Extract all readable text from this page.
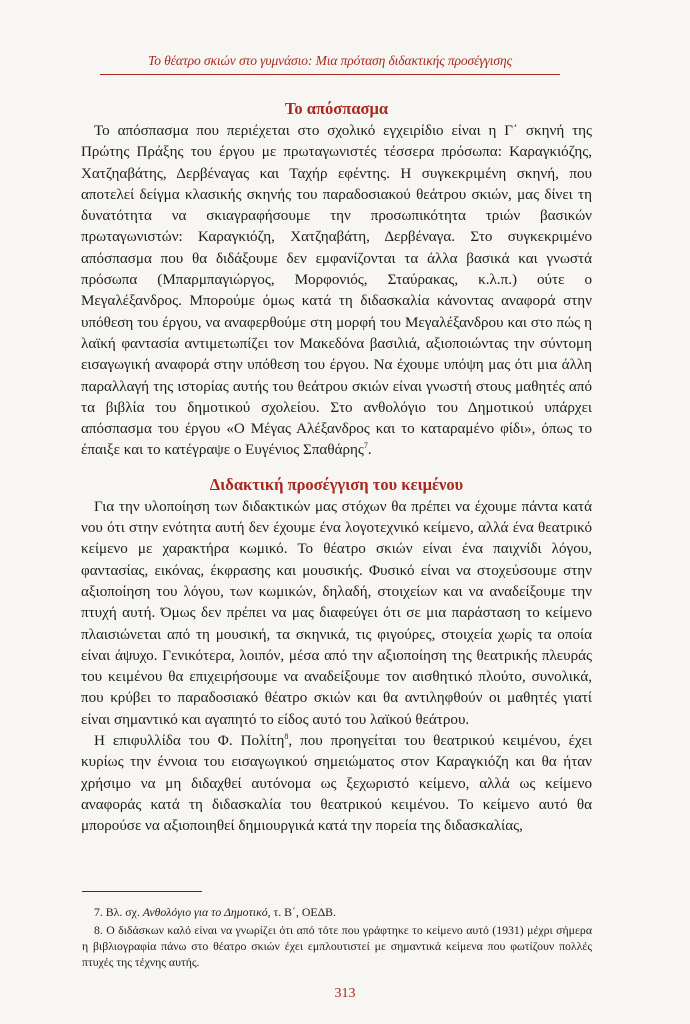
Το θέατρο σκιών στο γυμνάσιο: Μια πρόταση διδακτικής προσέγγισης
Το απόσπασμα

Το απόσπασμα που περιέχεται στο σχολικό εγχειρίδιο είναι η Γ΄ σκηνή της Πρώτης Πράξης του έργου με πρωταγωνιστές τέσσερα πρόσωπα: Καραγκιόζης, Χατζηαβάτης, Δερβέναγας και Ταχήρ εφέντης. Η συγκεκριμένη σκηνή, που αποτελεί δείγμα κλασικής σκηνής του παραδοσιακού θεάτρου σκιών, μας δίνει τη δυνατότητα να σκιαγραφήσουμε την προσωπικότητα τριών βασικών πρωταγωνιστών: Καραγκιόζη, Χατζηαβάτη, Δερβέναγα. Στο συγκεκριμένο απόσπασμα που θα διδάξουμε δεν εμφανίζονται τα άλλα βασικά και γνωστά πρόσωπα (Μπαρμπαγιώργος, Μορφονιός, Σταύρακας, κ.λ.π.) ούτε ο Μεγαλέξανδρος. Μπορούμε όμως κατά τη διδασκαλία κάνοντας αναφορά στην υπόθεση του έργου, να αναφερθούμε στη μορφή του Μεγαλέξανδρου και στο πώς η λαϊκή φαντασία αντιμετωπίζει τον Μακεδόνα βασιλιά, αξιοποιώντας την σύντομη εισαγωγική αναφορά στην υπόθεση του έργου. Να έχουμε υπόψη μας ότι μια άλλη παραλλαγή της ιστορίας αυτής του θεάτρου σκιών είναι γνωστή στους μαθητές από τα βιβλία του δημοτικού σχολείου. Στο ανθολόγιο του Δημοτικού υπάρχει απόσπασμα του έργου «Ο Μέγας Αλέξανδρος και το καταραμένο φίδι», όπως το έπαιξε και το κατέγραψε ο Ευγένιος Σπαθάρης$^7$.

Διδακτική προσέγγιση του κειμένου

Για την υλοποίηση των διδακτικών μας στόχων θα πρέπει να έχουμε πάντα κατά νου ότι στην ενότητα αυτή δεν έχουμε ένα λογοτεχνικό κείμενο, αλλά ένα θεατρικό κείμενο με χαρακτήρα κωμικό. Το θέατρο σκιών είναι ένα παιχνίδι λόγου, φαντασίας, εικόνας, έκφρασης και μουσικής. Φυσικό είναι να στοχεύσουμε στην αξιοποίηση του λόγου, των κωμικών, δηλαδή, στοιχείων και να αναδείξουμε την πτυχή αυτή. Όμως δεν πρέπει να μας διαφεύγει ότι σε μια παράσταση το κείμενο πλαισιώνεται από τη μουσική, τα σκηνικά, τις φιγούρες, στοιχεία χωρίς τα οποία είναι άψυχο. Γενικότερα, λοιπόν, μέσα από την αξιοποίηση της θεατρικής πλευράς του κειμένου θα επιχειρήσουμε να αναδείξουμε τον αισθητικό πλούτο, συνολικά, που κρύβει το παραδοσιακό θέατρο σκιών και θα αντιληφθούν οι μαθητές γιατί είναι σημαντικό και αγαπητό το είδος αυτό του λαϊκού θεάτρου.

Η επιφυλλίδα του Φ. Πολίτη$^8$, που προηγείται του θεατρικού κειμένου, έχει κυρίως την έννοια του εισαγωγικού σημειώματος στον Καραγκιόζη και θα ήταν χρήσιμο να μη διδαχθεί αυτόνομα ως ξεχωριστό κείμενο, αλλά ως κείμενο αναφοράς κατά τη διδασκαλία του θεατρικού κειμένου. Το κείμενο αυτό θα μπορούσε να αξιοποιηθεί δημιουργικά κατά την πορεία της διδασκαλίας,

7. Βλ. σχ. Ανθολόγιο για το Δημοτικό, τ. Β΄, ΟΕΔΒ.

8. Ο διδάσκων καλό είναι να γνωρίζει ότι από τότε που γράφτηκε το κείμενο αυτό (1931) μέχρι σήμερα η βιβλιογραφία πάνω στο θέατρο σκιών έχει εμπλουτιστεί με σημαντικά κείμενα που φωτίζουν πολλές πτυχές της τέχνης αυτής.

313
